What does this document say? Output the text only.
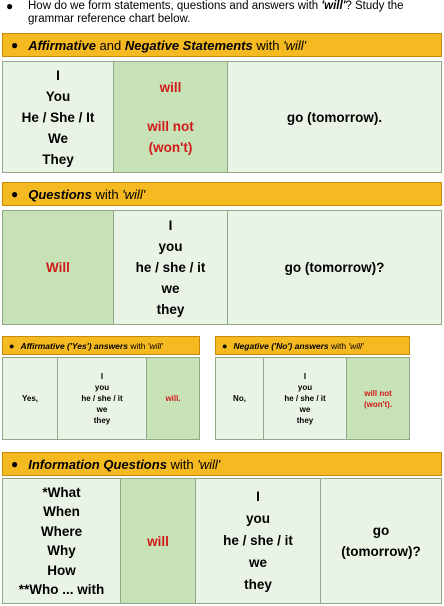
● How do we form statements, questions and answers with 'will'? Study the grammar reference chart below.
● Affirmative and Negative Statements with 'will'
I
You
He / She / It
We
They
will
will not
(won't)
go (tomorrow).
● Questions with 'will'
Will
I
you
he / she / it
we
they
go (tomorrow)?
● Affirmative ('Yes') answers with 'will'
Yes,
I
you
he / she / it
we
they
will.
● Negative ('No') answers with 'will'
No,
I
you
he / she / it
we
they
will not
(won't).
● Information Questions with 'will'
*What
When
Where
Why
How
**Who ... with
will
I
you
he / she / it
we
they
go
(tomorrow)?
